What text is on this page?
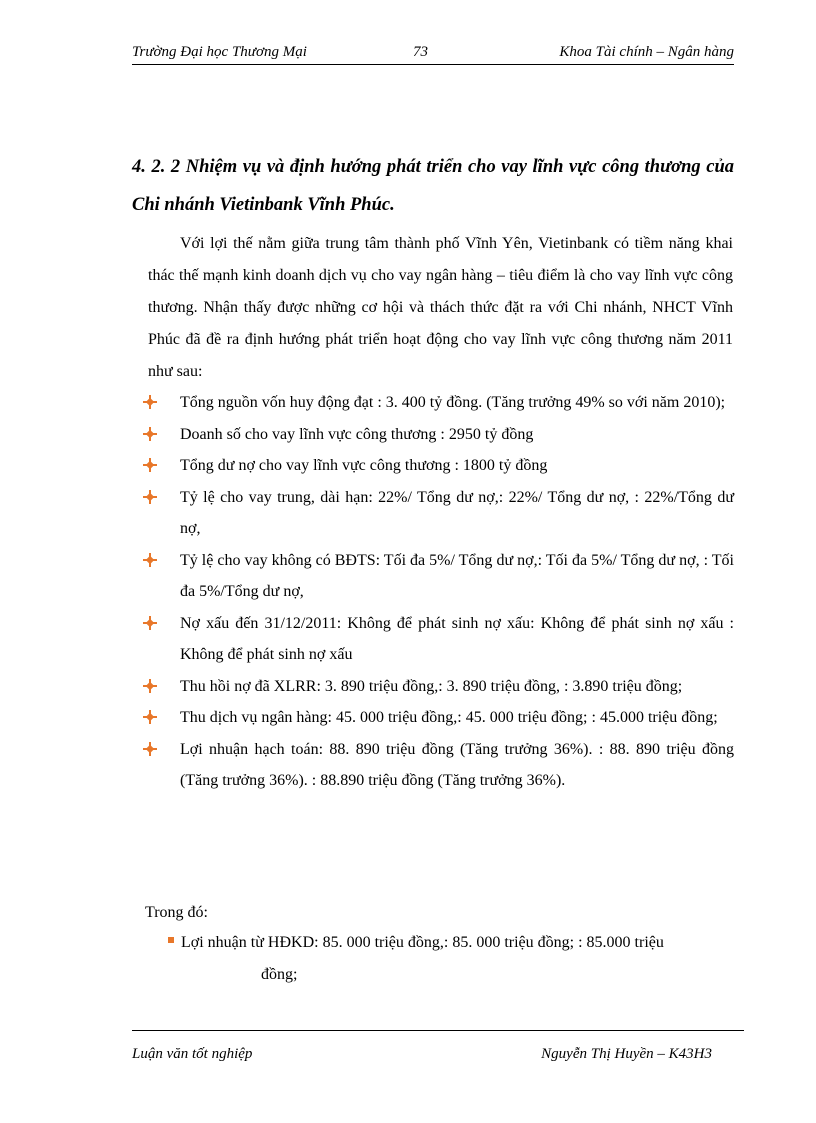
Trường Đại học Thương Mại	73	Khoa Tài chính – Ngân hàng
4. 2. 2 Nhiệm vụ và định hướng phát triển cho vay lĩnh vực công thương của Chi nhánh Vietinbank Vĩnh Phúc.
Với lợi thế nằm giữa trung tâm thành phố Vĩnh Yên, Vietinbank có tiềm năng khai thác thế mạnh kinh doanh dịch vụ cho vay ngân hàng – tiêu điểm là cho vay lĩnh vực công thương. Nhận thấy được những cơ hội và thách thức đặt ra với Chi nhánh, NHCT Vĩnh Phúc đã đề ra định hướng phát triển hoạt động cho vay lĩnh vực công thương năm 2011 như sau:
Tổng nguồn vốn huy động đạt : 3. 400 tỷ đồng. (Tăng trưởng 49% so với năm 2010);
Doanh số cho vay lĩnh vực công thương : 2950 tỷ đồng
Tổng dư nợ cho vay lĩnh vực công thương : 1800 tỷ đồng
Tỷ lệ cho vay trung, dài hạn: 22%/ Tổng dư nợ,: 22%/ Tổng dư nợ, : 22%/Tổng dư nợ,
Tỷ lệ cho vay không có BĐTS: Tối đa 5%/ Tổng dư nợ,: Tối đa 5%/ Tổng dư nợ, : Tối đa 5%/Tổng dư nợ,
Nợ xấu đến 31/12/2011: Không để phát sinh nợ xấu: Không để phát sinh nợ xấu : Không để phát sinh nợ xấu
Thu hồi nợ đã XLRR: 3. 890 triệu đồng,: 3. 890 triệu đồng, : 3.890 triệu đồng;
Thu dịch vụ ngân hàng: 45. 000 triệu đồng,: 45. 000 triệu đồng; : 45.000 triệu đồng;
Lợi nhuận hạch toán: 88. 890 triệu đồng (Tăng trưởng 36%). : 88. 890 triệu đồng (Tăng trưởng 36%). : 88.890 triệu đồng (Tăng trưởng 36%).
Trong đó:
Lợi nhuận từ HĐKD: 85. 000 triệu đồng,: 85. 000 triệu đồng; : 85.000 triệu
đồng;
Luận văn tốt nghiệp	Nguyễn Thị Huyền – K43H3
